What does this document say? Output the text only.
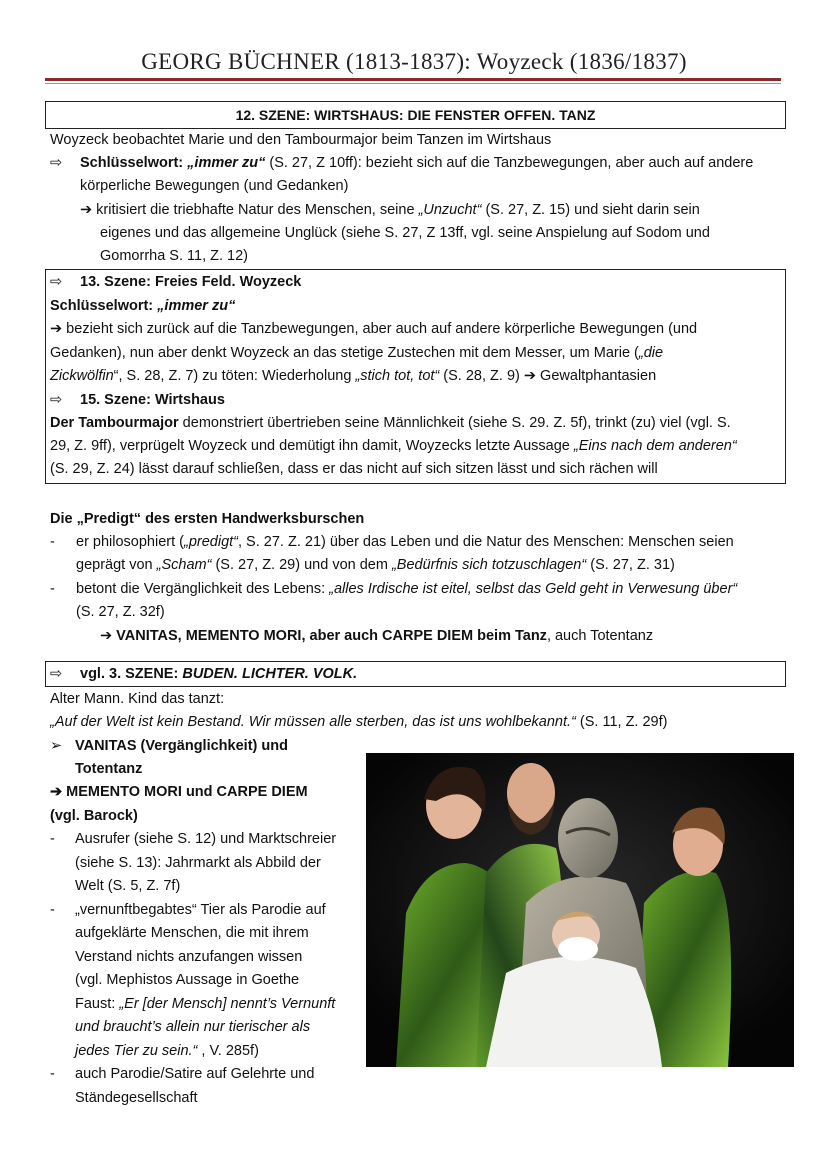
GEORG BÜCHNER (1813-1837): Woyzeck (1836/1837)
12. SZENE: WIRTSHAUS: DIE FENSTER OFFEN. TANZ
Woyzeck beobachtet Marie und den Tambourmajor beim Tanzen im Wirtshaus
⇨ Schlüsselwort: „immer zu“ (S. 27, Z 10ff): bezieht sich auf die Tanzbewegungen, aber auch auf andere
körperliche Bewegungen (und Gedanken)
➔ kritisiert die triebhafte Natur des Menschen, seine „Unzucht“ (S. 27, Z. 15) und sieht darin sein
eigenes und das allgemeine Unglück (siehe S. 27, Z 13ff, vgl. seine Anspielung auf Sodom und
Gomorrha S. 11, Z. 12)
⇨ 13. Szene: Freies Feld. Woyzeck
Schlüsselwort: „immer zu“
➔ bezieht sich zurück auf die Tanzbewegungen, aber auch auf andere körperliche Bewegungen (und
Gedanken), nun aber denkt Woyzeck an das stetige Zustechen mit dem Messer, um Marie („die
Zickwölfin“, S. 28, Z. 7) zu töten: Wiederholung „stich tot, tot“ (S. 28, Z. 9) ➔ Gewaltphantasien
⇨ 15. Szene: Wirtshaus
Der Tambourmajor demonstriert übertrieben seine Männlichkeit (siehe S. 29. Z. 5f), trinkt (zu) viel (vgl. S.
29, Z. 9ff), verprügelt Woyzeck und demütigt ihn damit, Woyzecks letzte Aussage „Eins nach dem anderen“
(S. 29, Z. 24) lässt darauf schließen, dass er das nicht auf sich sitzen lässt und sich rächen will
Die „Predigt“ des ersten Handwerksburschen
- er philosophiert („predigt“, S. 27. Z. 21) über das Leben und die Natur des Menschen: Menschen seien
geprägt von „Scham“ (S. 27, Z. 29) und von dem „Bedürfnis sich totzuschlagen“ (S. 27, Z. 31)
- betont die Vergänglichkeit des Lebens: „alles Irdische ist eitel, selbst das Geld geht in Verwesung über“
(S. 27, Z. 32f)
➔ VANITAS, MEMENTO MORI, aber auch CARPE DIEM beim Tanz, auch Totentanz
⇨ vgl. 3. SZENE: BUDEN. LICHTER. VOLK.
Alter Mann. Kind das tanzt:
„Auf der Welt ist kein Bestand. Wir müssen alle sterben, das ist uns wohlbekannt.“ (S. 11, Z. 29f)
➢ VANITAS (Vergänglichkeit) und
Totentanz
➔ MEMENTO MORI und CARPE DIEM
(vgl. Barock)
- Ausrufer (siehe S. 12) und Marktschreier
(siehe S. 13): Jahrmarkt als Abbild der
Welt (S. 5, Z. 7f)
- „vernunftbegabtes“ Tier als Parodie auf
aufgeklärte Menschen, die mit ihrem
Verstand nichts anzufangen wissen
(vgl. Mephistos Aussage in Goethe
Faust: „Er [der Mensch] nennt’s Vernunft
und braucht’s allein nur tierischer als
jedes Tier zu sein.“ , V. 285f)
- auch Parodie/Satire auf Gelehrte und
Ständegesellschaft
